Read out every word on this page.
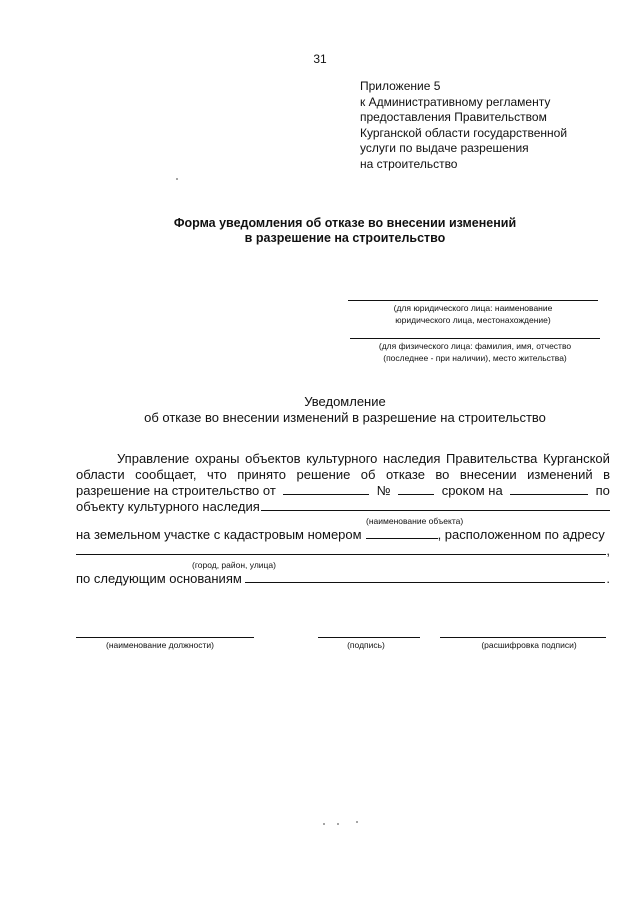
31
Приложение 5
к Административному регламенту
предоставления Правительством
Курганской области государственной
услуги по выдаче разрешения
на строительство
Форма уведомления об отказе во внесении изменений
в разрешение на строительство
(для юридического лица: наименование
юридического лица, местонахождение)
(для физического лица: фамилия, имя, отчество
(последнее - при наличии), место жительства)
Уведомление
об отказе во внесении изменений в разрешение на строительство
Управление охраны объектов культурного наследия Правительства Курганской
области сообщает, что принято решение об отказе во внесении изменений в
разрешение на строительство от	№	сроком на	по
объекту культурного наследия
(наименование объекта)
на земельном участке с кадастровым номером	, расположенном по адресу
,
(город, район, улица)
по следующим основаниям	.
(наименование должности)	(подпись)	(расшифровка подписи)
